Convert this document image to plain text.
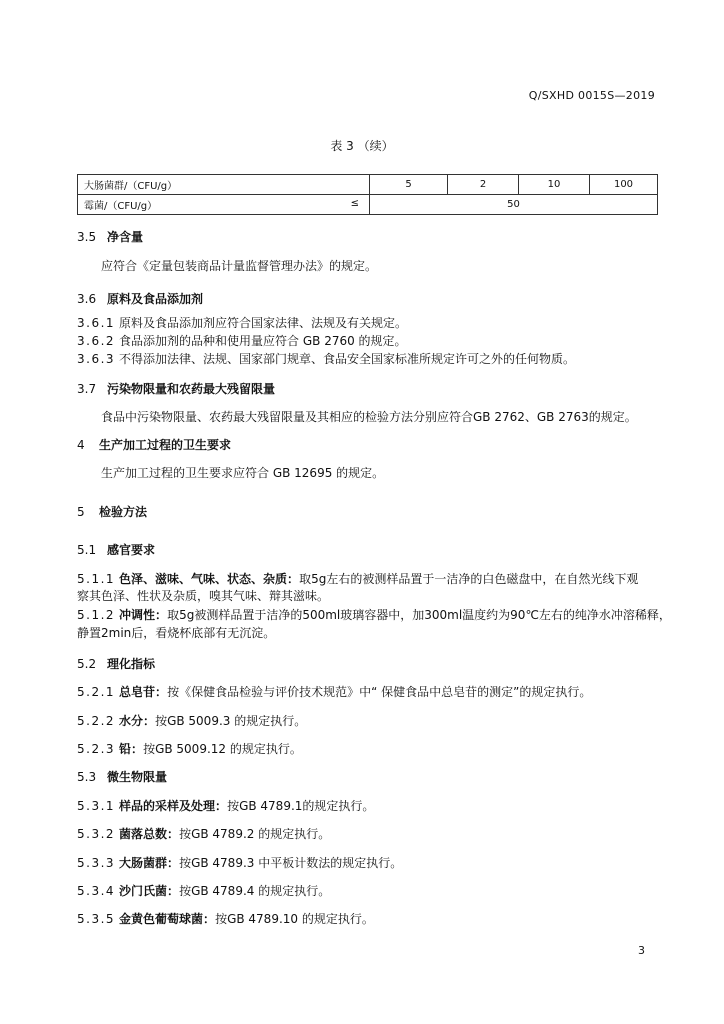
Q/SXHD 0015S—2019
表 3 （续）
大肠菌群/（CFU/g）	5	2	10	100
霉菌/（CFU/g） ≤	50			
3.5 净含量
应符合《定量包装商品计量监督管理办法》的规定。
3.6 原料及食品添加剂
3.6.1 原料及食品添加剂应符合国家法律、法规及有关规定。
3.6.2 食品添加剂的品种和使用量应符合 GB 2760 的规定。
3.6.3 不得添加法律、法规、国家部门规章、食品安全国家标准所规定许可之外的任何物质。
3.7 污染物限量和农药最大残留限量
食品中污染物限量、农药最大残留限量及其相应的检验方法分别应符合GB 2762、GB 2763的规定。
4 生产加工过程的卫生要求
生产加工过程的卫生要求应符合 GB 12695 的规定。
5 检验方法
5.1 感官要求
5.1.1 色泽、滋味、气味、状态、杂质：取5g左右的被测样品置于一洁净的白色磁盘中，在自然光线下观
察其色泽、性状及杂质，嗅其气味、辩其滋味。
5.1.2 冲调性：取5g被测样品置于洁净的500ml玻璃容器中，加300ml温度约为90℃左右的纯净水冲溶稀释，
静置2min后，看烧杯底部有无沉淀。
5.2 理化指标
5.2.1 总皂苷：按《保健食品检验与评价技术规范》中“ 保健食品中总皂苷的测定”的规定执行。
5.2.2 水分：按GB 5009.3 的规定执行。
5.2.3 铅：按GB 5009.12 的规定执行。
5.3 微生物限量
5.3.1 样品的采样及处理：按GB 4789.1的规定执行。
5.3.2 菌落总数：按GB 4789.2 的规定执行。
5.3.3 大肠菌群：按GB 4789.3 中平板计数法的规定执行。
5.3.4 沙门氏菌：按GB 4789.4 的规定执行。
5.3.5 金黄色葡萄球菌：按GB 4789.10 的规定执行。
3
